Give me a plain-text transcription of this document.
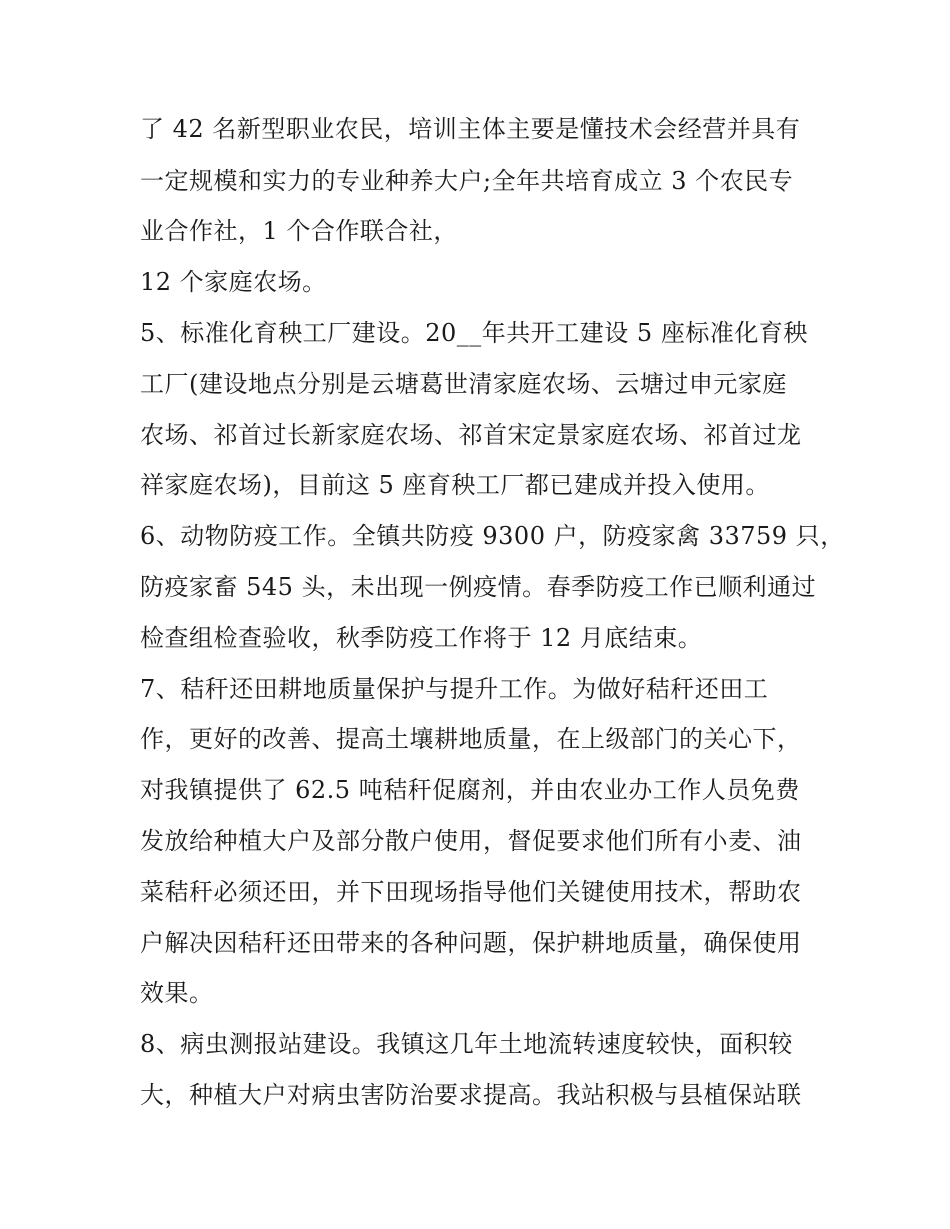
了 42 名新型职业农民，培训主体主要是懂技术会经营并具有
一定规模和实力的专业种养大户;全年共培育成立 3 个农民专
业合作社，1 个合作联合社，
12 个家庭农场。
5、标准化育秧工厂建设。20__年共开工建设 5 座标准化育秧
工厂(建设地点分别是云塘葛世清家庭农场、云塘过申元家庭
农场、祁首过长新家庭农场、祁首宋定景家庭农场、祁首过龙
祥家庭农场)，目前这 5 座育秧工厂都已建成并投入使用。
6、动物防疫工作。全镇共防疫 9300 户，防疫家禽 33759 只，
防疫家畜 545 头，未出现一例疫情。春季防疫工作已顺利通过
检查组检查验收，秋季防疫工作将于 12 月底结束。
7、秸秆还田耕地质量保护与提升工作。为做好秸秆还田工
作，更好的改善、提高土壤耕地质量，在上级部门的关心下，
对我镇提供了 62.5 吨秸秆促腐剂，并由农业办工作人员免费
发放给种植大户及部分散户使用，督促要求他们所有小麦、油
菜秸秆必须还田，并下田现场指导他们关键使用技术，帮助农
户解决因秸秆还田带来的各种问题，保护耕地质量，确保使用
效果。
8、病虫测报站建设。我镇这几年土地流转速度较快，面积较
大，种植大户对病虫害防治要求提高。我站积极与县植保站联
